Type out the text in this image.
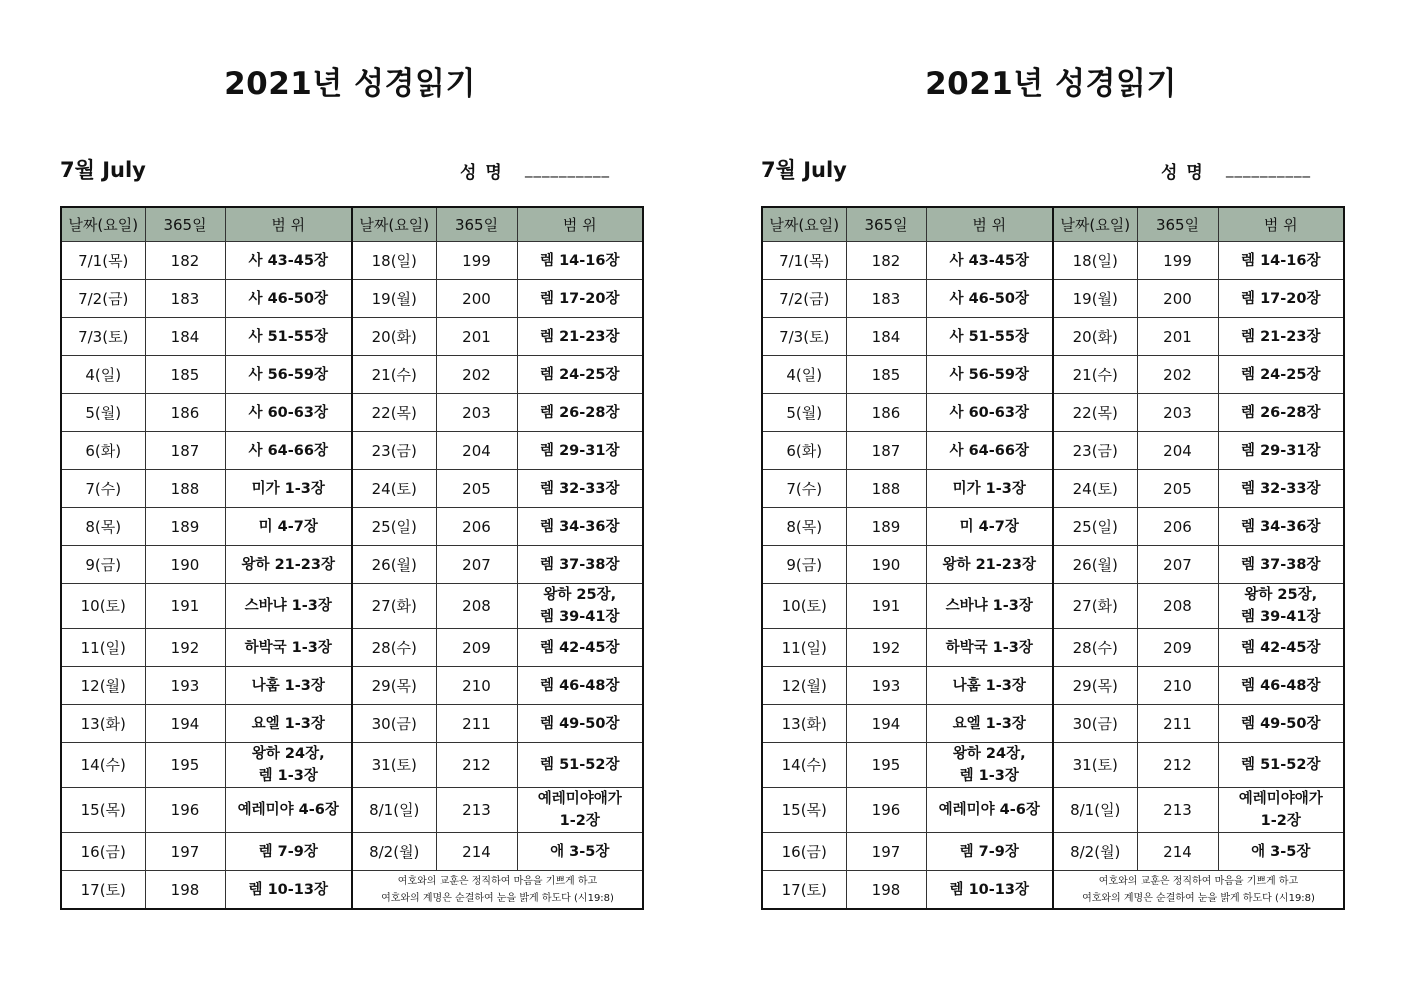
2021년 성경읽기
7월 July	성명 __________
날짜(요일)	365일	범 위	날짜(요일)	365일	범 위
7/1(목)	182	사 43-45장	18(일)	199	렘 14-16장
7/2(금)	183	사 46-50장	19(월)	200	렘 17-20장
7/3(토)	184	사 51-55장	20(화)	201	렘 21-23장
4(일)	185	사 56-59장	21(수)	202	렘 24-25장
5(월)	186	사 60-63장	22(목)	203	렘 26-28장
6(화)	187	사 64-66장	23(금)	204	렘 29-31장
7(수)	188	미가 1-3장	24(토)	205	렘 32-33장
8(목)	189	미 4-7장	25(일)	206	렘 34-36장
9(금)	190	왕하 21-23장	26(월)	207	렘 37-38장
10(토)	191	스바냐 1-3장	27(화)	208	왕하 25장,
렘 39-41장

11(일)	192	하박국 1-3장	28(수)	209	렘 42-45장
12(월)	193	나훔 1-3장	29(목)	210	렘 46-48장
13(화)	194	요엘 1-3장	30(금)	211	렘 49-50장
14(수)	195	왕하 24장,
렘 1-3장	31(토)	212	렘 51-52장
15(목)	196	예레미야 4-6장	8/1(일)	213	예레미야애가
1-2장

16(금)	197	렘 7-9장	8/2(월)	214	애 3-5장
17(토)	198	렘 10-13장	여호와의 교훈은 정직하여 마음을 기쁘게 하고
여호와의 계명은 순결하여 눈을 밝게 하도다 (시19:8)		
2021년 성경읽기
7월 July	성명 __________
날짜(요일)	365일	범 위	날짜(요일)	365일	범 위
7/1(목)	182	사 43-45장	18(일)	199	렘 14-16장
7/2(금)	183	사 46-50장	19(월)	200	렘 17-20장
7/3(토)	184	사 51-55장	20(화)	201	렘 21-23장
4(일)	185	사 56-59장	21(수)	202	렘 24-25장
5(월)	186	사 60-63장	22(목)	203	렘 26-28장
6(화)	187	사 64-66장	23(금)	204	렘 29-31장
7(수)	188	미가 1-3장	24(토)	205	렘 32-33장
8(목)	189	미 4-7장	25(일)	206	렘 34-36장
9(금)	190	왕하 21-23장	26(월)	207	렘 37-38장
10(토)	191	스바냐 1-3장	27(화)	208	왕하 25장,
렘 39-41장

11(일)	192	하박국 1-3장	28(수)	209	렘 42-45장
12(월)	193	나훔 1-3장	29(목)	210	렘 46-48장
13(화)	194	요엘 1-3장	30(금)	211	렘 49-50장
14(수)	195	왕하 24장,
렘 1-3장	31(토)	212	렘 51-52장
15(목)	196	예레미야 4-6장	8/1(일)	213	예레미야애가
1-2장

16(금)	197	렘 7-9장	8/2(월)	214	애 3-5장
17(토)	198	렘 10-13장	여호와의 교훈은 정직하여 마음을 기쁘게 하고
여호와의 계명은 순결하여 눈을 밝게 하도다 (시19:8)		
